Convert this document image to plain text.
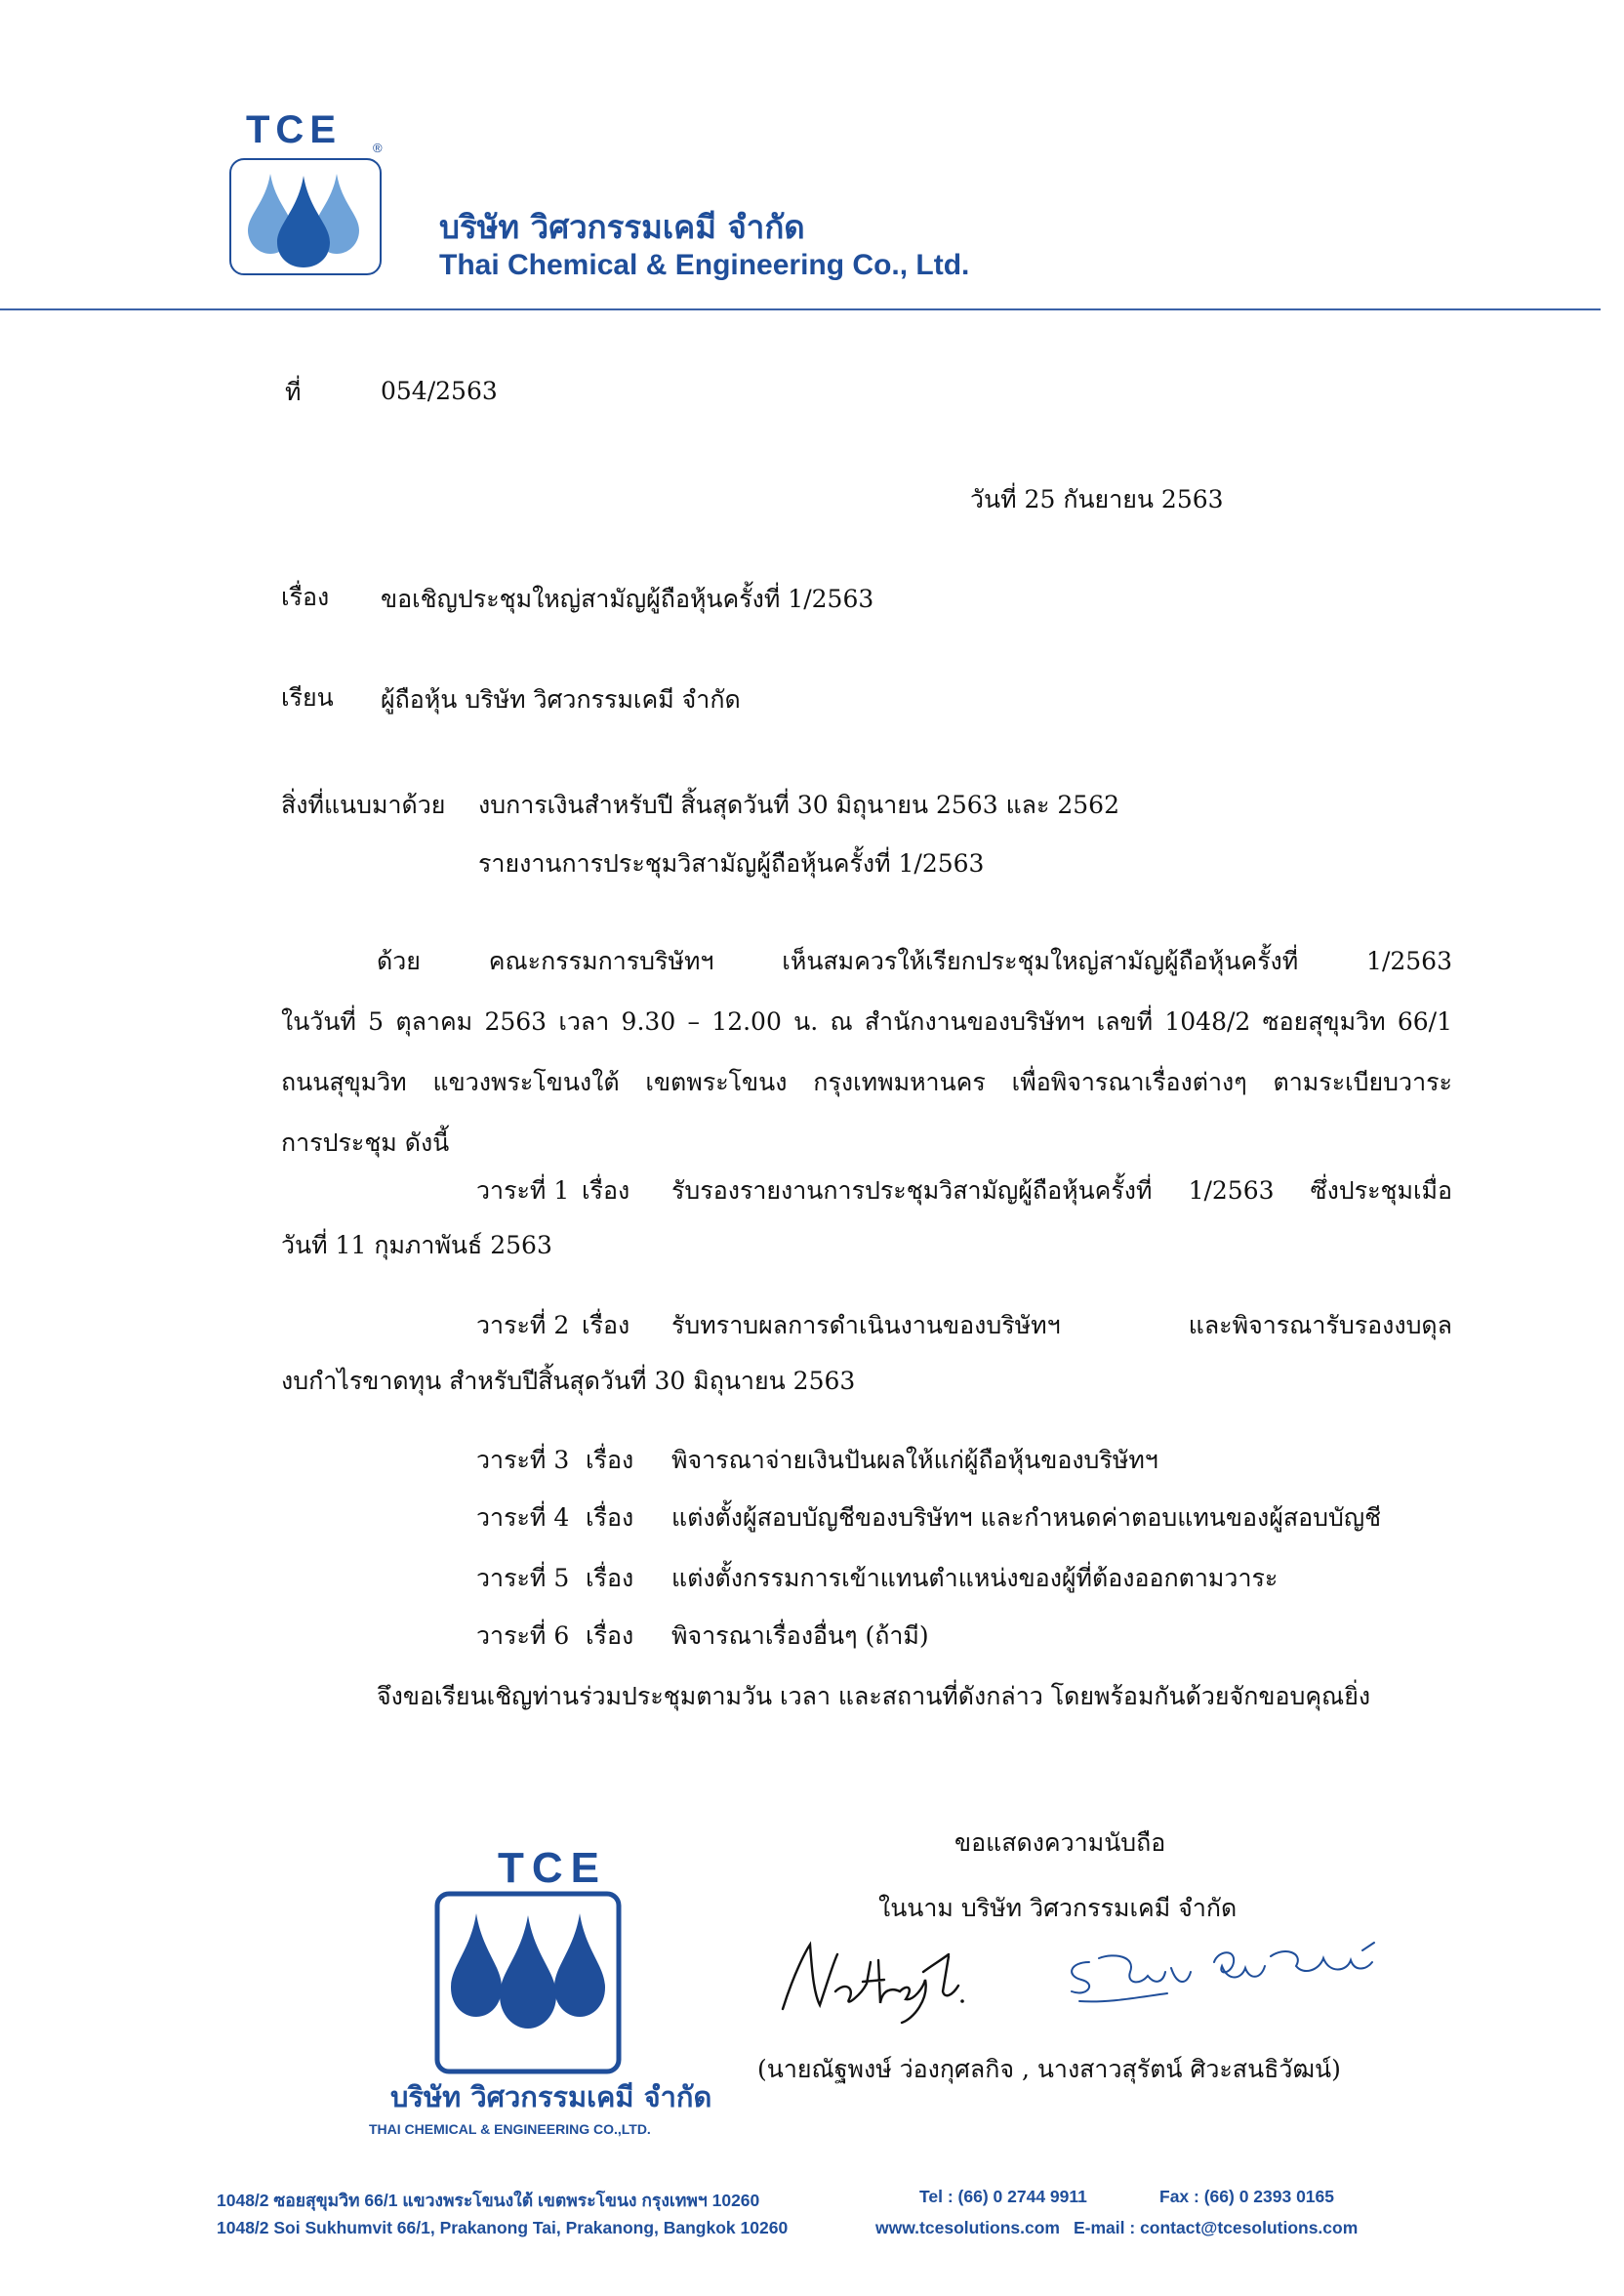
TCE ®
บริษัท วิศวกรรมเคมี จำกัด
Thai Chemical & Engineering Co., Ltd.
ที่	054/2563
วันที่ 25 กันยายน 2563
เรื่อง ขอเชิญประชุมใหญ่สามัญผู้ถือหุ้นครั้งที่ 1/2563
เรียน ผู้ถือหุ้น บริษัท วิศวกรรมเคมี จำกัด
สิ่งที่แนบมาด้วย งบการเงินสำหรับปี สิ้นสุดวันที่ 30 มิถุนายน 2563 และ 2562
รายงานการประชุมวิสามัญผู้ถือหุ้นครั้งที่ 1/2563
ด้วย คณะกรรมการบริษัทฯ เห็นสมควรให้เรียกประชุมใหญ่สามัญผู้ถือหุ้นครั้งที่ 1/2563
ในวันที่ 5 ตุลาคม 2563 เวลา 9.30 – 12.00 น. ณ สำนักงานของบริษัทฯ เลขที่ 1048/2 ซอยสุขุมวิท 66/1
ถนนสุขุมวิท แขวงพระโขนงใต้ เขตพระโขนง กรุงเทพมหานคร เพื่อพิจารณาเรื่องต่างๆ ตามระเบียบวาระ
การประชุม ดังนี้
วาระที่ 1 เรื่อง รับรองรายงานการประชุมวิสามัญผู้ถือหุ้นครั้งที่ 1/2563 ซึ่งประชุมเมื่อ
วันที่ 11 กุมภาพันธ์ 2563
วาระที่ 2 เรื่อง รับทราบผลการดำเนินงานของบริษัทฯ และพิจารณารับรองงบดุล
งบกำไรขาดทุน สำหรับปีสิ้นสุดวันที่ 30 มิถุนายน 2563
วาระที่ 3 เรื่อง พิจารณาจ่ายเงินปันผลให้แก่ผู้ถือหุ้นของบริษัทฯ
วาระที่ 4 เรื่อง แต่งตั้งผู้สอบบัญชีของบริษัทฯ และกำหนดค่าตอบแทนของผู้สอบบัญชี
วาระที่ 5 เรื่อง แต่งตั้งกรรมการเข้าแทนตำแหน่งของผู้ที่ต้องออกตามวาระ
วาระที่ 6 เรื่อง พิจารณาเรื่องอื่นๆ (ถ้ามี)
จึงขอเรียนเชิญท่านร่วมประชุมตามวัน เวลา และสถานที่ดังกล่าว โดยพร้อมกันด้วยจักขอบคุณยิ่ง
ขอแสดงความนับถือ
ในนาม บริษัท วิศวกรรมเคมี จำกัด
(นายณัฐพงษ์ ว่องกุศลกิจ , นางสาวสุรัตน์ ศิวะสนธิวัฒน์)
TCE
บริษัท วิศวกรรมเคมี จำกัด
THAI CHEMICAL & ENGINEERING CO.,LTD.
1048/2 ซอยสุขุมวิท 66/1 แขวงพระโขนงใต้ เขตพระโขนง กรุงเทพฯ 10260	Tel : (66) 0 2744 9911	Fax : (66) 0 2393 0165
1048/2 Soi Sukhumvit 66/1, Prakanong Tai, Prakanong, Bangkok 10260	www.tcesolutions.com E-mail : contact@tcesolutions.com
